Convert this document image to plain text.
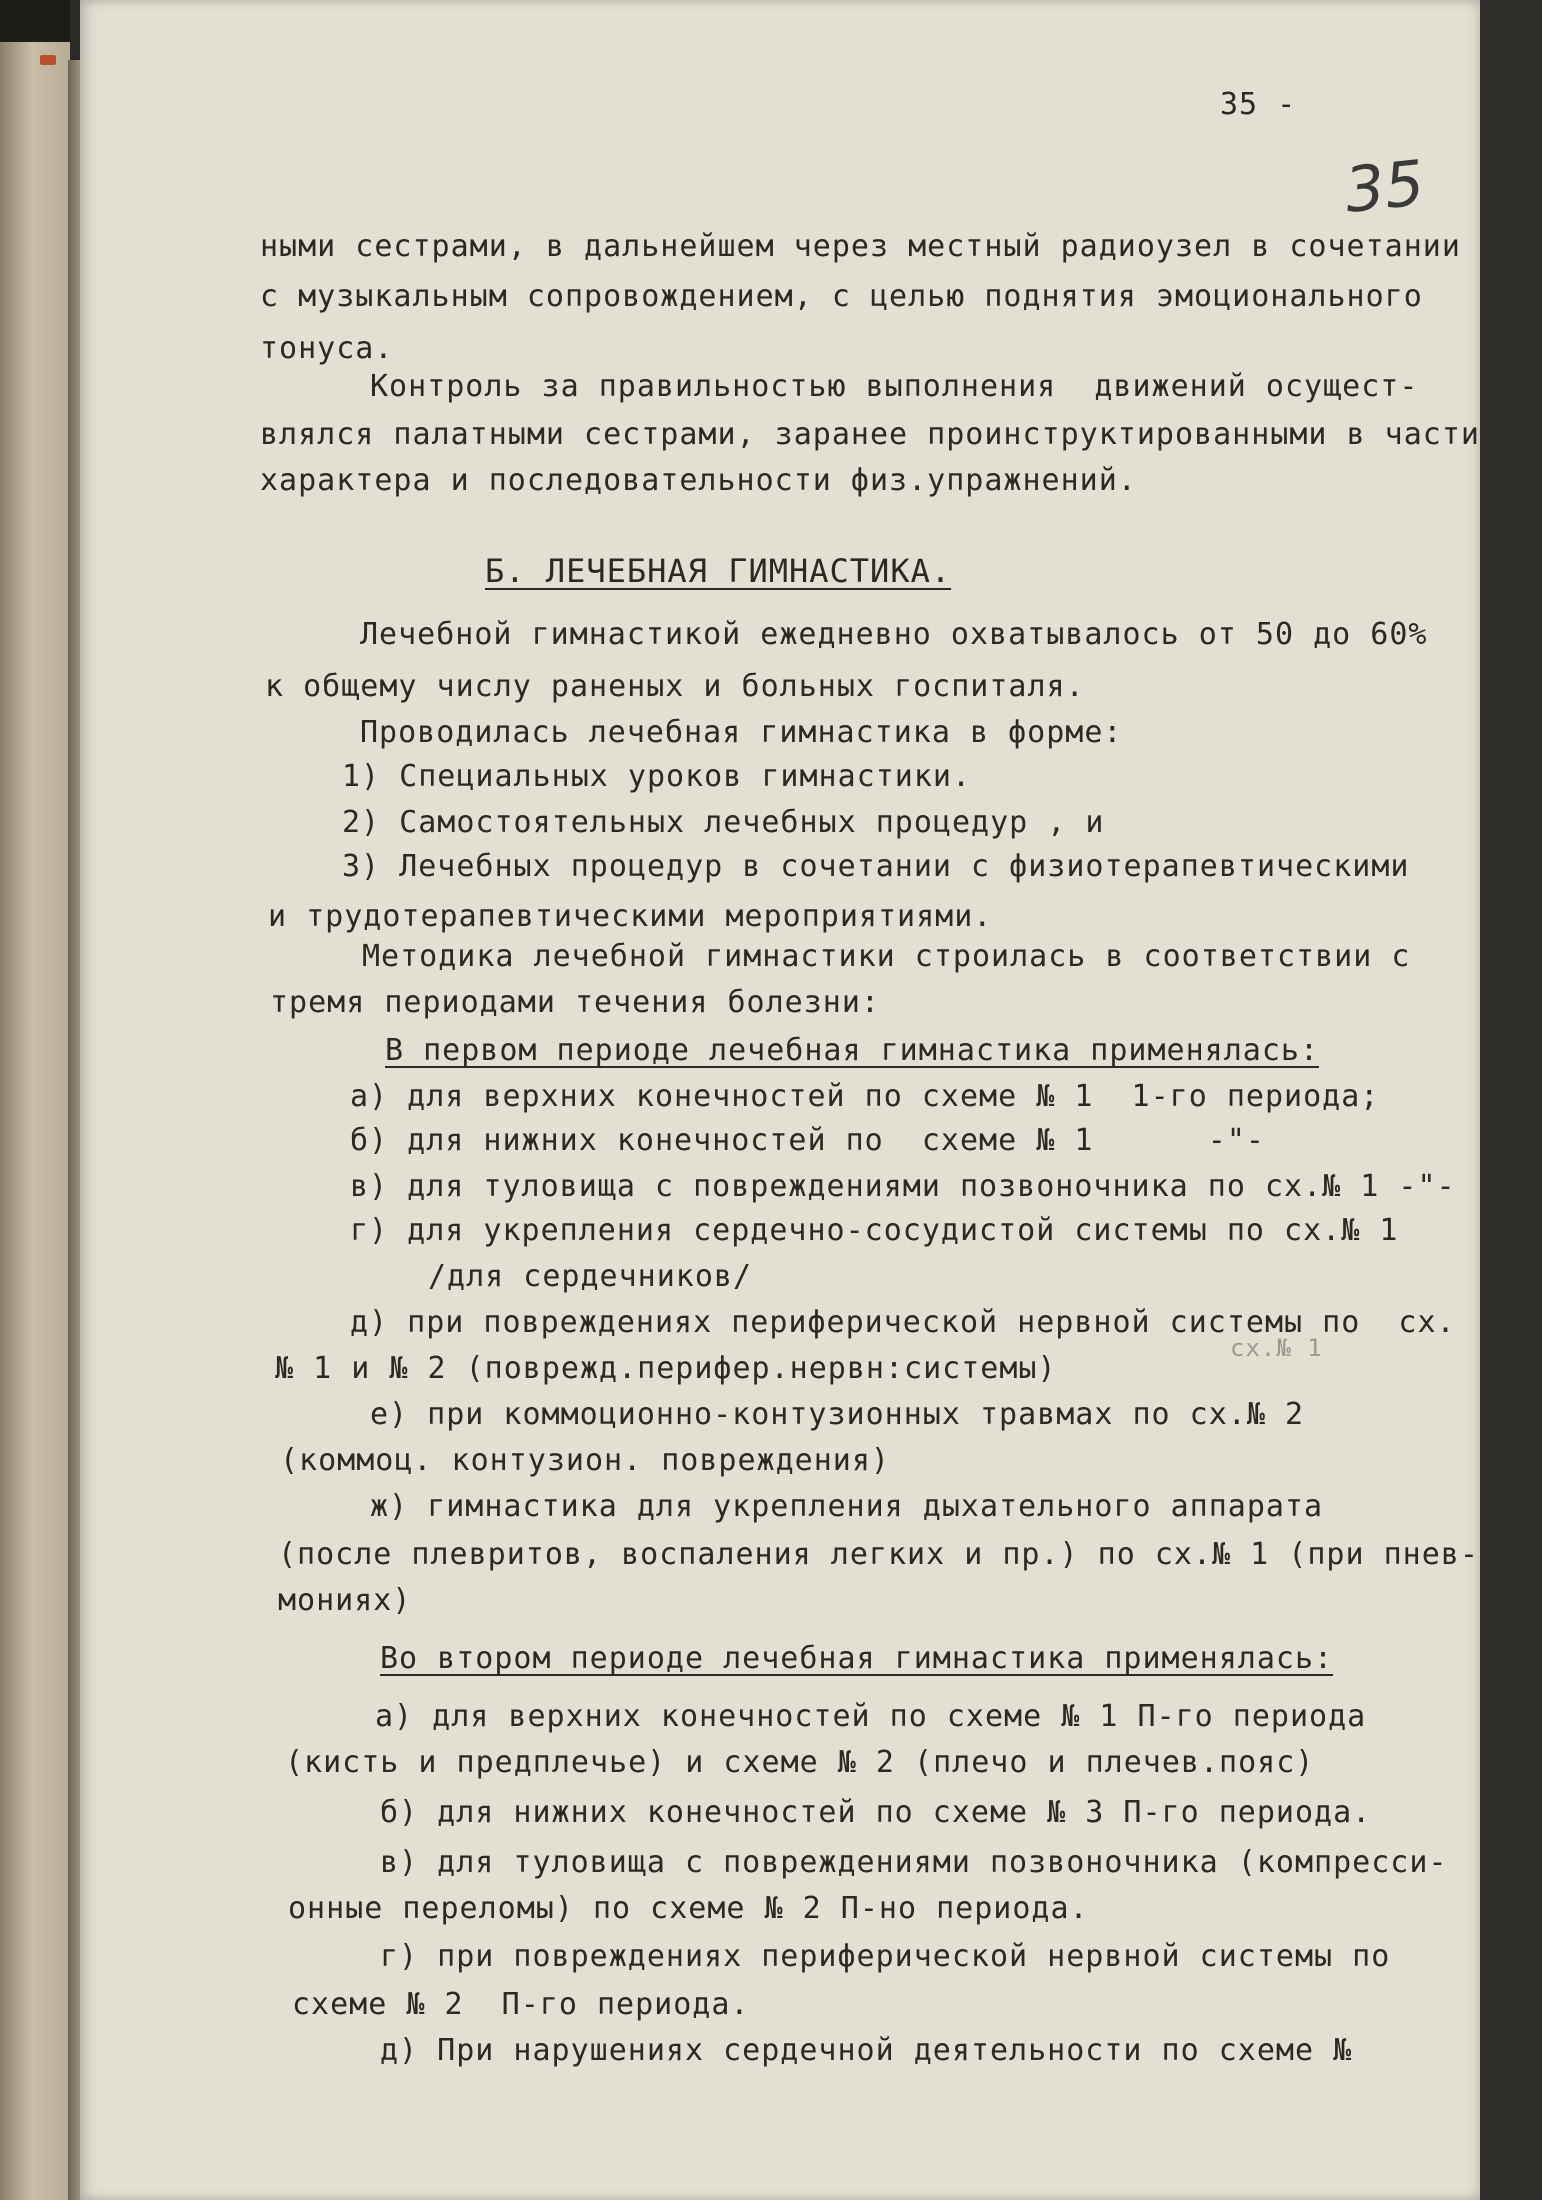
35 -
35
ными сестрами, в дальнейшем через местный радиоузел в сочетании
с музыкальным сопровождением, с целью поднятия эмоционального
тонуса.
Контроль за правильностью выполнения  движений осущест-
влялся палатными сестрами, заранее проинструктированными в части
характера и последовательности физ.упражнений.
Б. ЛЕЧЕБНАЯ ГИМНАСТИКА.
Лечебной гимнастикой ежедневно охватывалось от 50 до 60%
к общему числу раненых и больных госпиталя.
Проводилась лечебная гимнастика в форме:
1) Специальных уроков гимнастики.
2) Самостоятельных лечебных процедур , и
3) Лечебных процедур в сочетании с физиотерапевтическими
и трудотерапевтическими мероприятиями.
Методика лечебной гимнастики строилась в соответствии с
тремя периодами течения болезни:
В первом периоде лечебная гимнастика применялась:
а) для верхних конечностей по схеме № 1  1-го периода;
б) для нижних конечностей по  схеме № 1      -"-
в) для туловища с повреждениями позвоночника по сх.№ 1 -"-
г) для укрепления сердечно-сосудистой системы по сх.№ 1
/для сердечников/
д) при повреждениях периферической нервной системы по  сх.
сх.№ 1
№ 1 и № 2 (поврежд.перифер.нервн:системы)
е) при коммоционно-контузионных травмах по сх.№ 2
(коммоц. контузион. повреждения)
ж) гимнастика для укрепления дыхательного аппарата
(после плевритов, воспаления легких и пр.) по сх.№ 1 (при пнев-
мониях)
Во втором периоде лечебная гимнастика применялась:
а) для верхних конечностей по схеме № 1 П-го периода
(кисть и предплечье) и схеме № 2 (плечо и плечев.пояс)
б) для нижних конечностей по схеме № 3 П-го периода.
в) для туловища с повреждениями позвоночника (компресси-
онные переломы) по схеме № 2 П-но периода.
г) при повреждениях периферической нервной системы по
схеме № 2  П-го периода.
д) При нарушениях сердечной деятельности по схеме №
